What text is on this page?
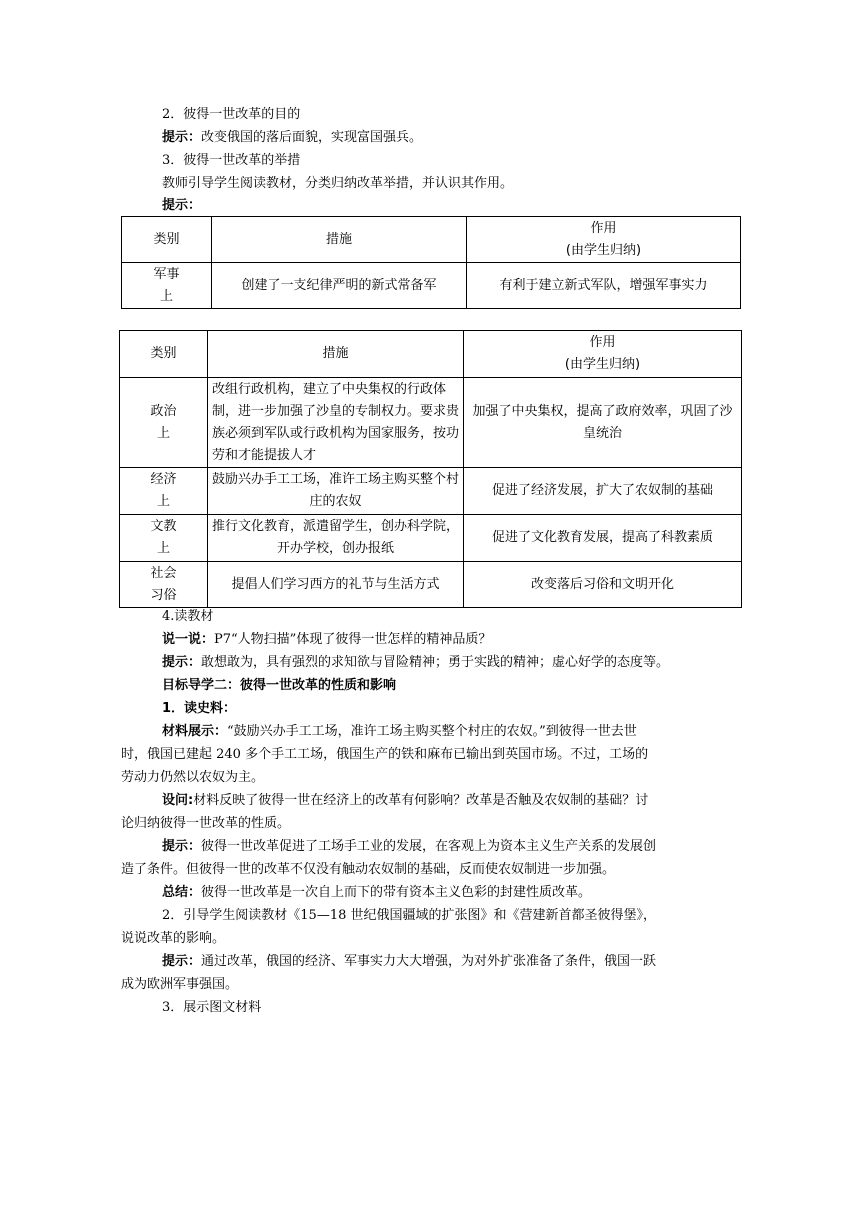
2．彼得一世改革的目的
提示：改变俄国的落后面貌，实现富国强兵。
3．彼得一世改革的举措
教师引导学生阅读教材，分类归纳改革举措，并认识其作用。
提示：
类别	措施	作用
(由学生归纳)

军事
上	创建了一支纪律严明的新式常备军	有利于建立新式军队，增强军事实力
类别	措施	作用
(由学生归纳)

政治
上	改组行政机构，建立了中央集权的行政体制，进一步加强了沙皇的专制权力。要求贵族必须到军队或行政机构为国家服务，按功劳和才能提拔人才	加强了中央集权，提高了政府效率，巩固了沙皇统治

经济
上	鼓励兴办手工工场，准许工场主购买整个村庄的农奴	促进了经济发展，扩大了农奴制的基础

文教
上	推行文化教育，派遣留学生，创办科学院，开办学校，创办报纸	促进了文化教育发展，提高了科教素质

社会
习俗	提倡人们学习西方的礼节与生活方式	改变落后习俗和文明开化
4.读教材
说一说：P7“人物扫描”体现了彼得一世怎样的精神品质？
提示：敢想敢为，具有强烈的求知欲与冒险精神；勇于实践的精神；虚心好学的态度等。
目标导学二：彼得一世改革的性质和影响
1．读史料：
材料展示：“鼓励兴办手工工场，准许工场主购买整个村庄的农奴。”到彼得一世去世
时，俄国已建起 240 多个手工工场，俄国生产的铁和麻布已输出到英国市场。不过，工场的
劳动力仍然以农奴为主。
设问:材料反映了彼得一世在经济上的改革有何影响？改革是否触及农奴制的基础？讨
论归纳彼得一世改革的性质。
提示：彼得一世改革促进了工场手工业的发展，在客观上为资本主义生产关系的发展创
造了条件。但彼得一世的改革不仅没有触动农奴制的基础，反而使农奴制进一步加强。
总结：彼得一世改革是一次自上而下的带有资本主义色彩的封建性质改革。
2．引导学生阅读教材《15—18 世纪俄国疆域的扩张图》和《营建新首都圣彼得堡》，
说说改革的影响。
提示：通过改革，俄国的经济、军事实力大大增强，为对外扩张准备了条件，俄国一跃
成为欧洲军事强国。
3．展示图文材料
